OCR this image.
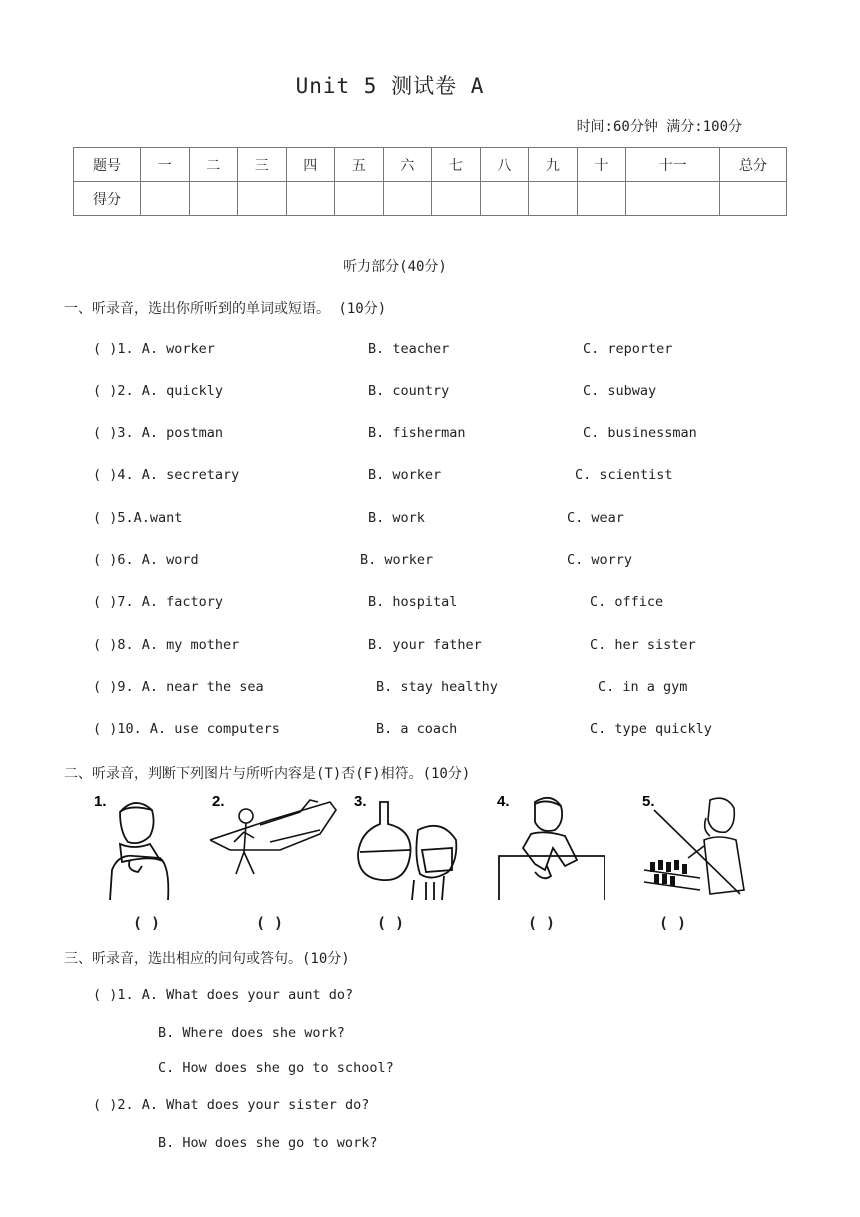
Unit 5 测试卷 A
时间:60分钟 满分:100分
题号	一	二	三	四	五	六	七	八	九	十	十一	总分
得分												
听力部分(40分)
一、听录音，选出你所听到的单词或短语。 (10分)
( )1. A. worker	B. teacher	C. reporter
( )2. A. quickly	B. country	C. subway
( )3. A. postman	B. fisherman	C. businessman
( )4. A. secretary	B. worker	C. scientist
( )5.A.want	B. work	C. wear
( )6. A. word	B. worker	C. worry
( )7. A. factory	B. hospital	C. office
( )8. A. my mother	B. your father	C. her sister
( )9. A. near the sea	B. stay healthy	C. in a gym
( )10. A. use computers	B. a coach	C. type quickly
二、听录音，判断下列图片与所听内容是(T)否(F)相符。(10分)
1.	2.	3.	4.	5.
( )	( )	( )	( )	( )
三、听录音，选出相应的问句或答句。(10分)
( )1. A. What does your aunt do?
B. Where does she work?
C. How does she go to school?
( )2. A. What does your sister do?
B. How does she go to work?
